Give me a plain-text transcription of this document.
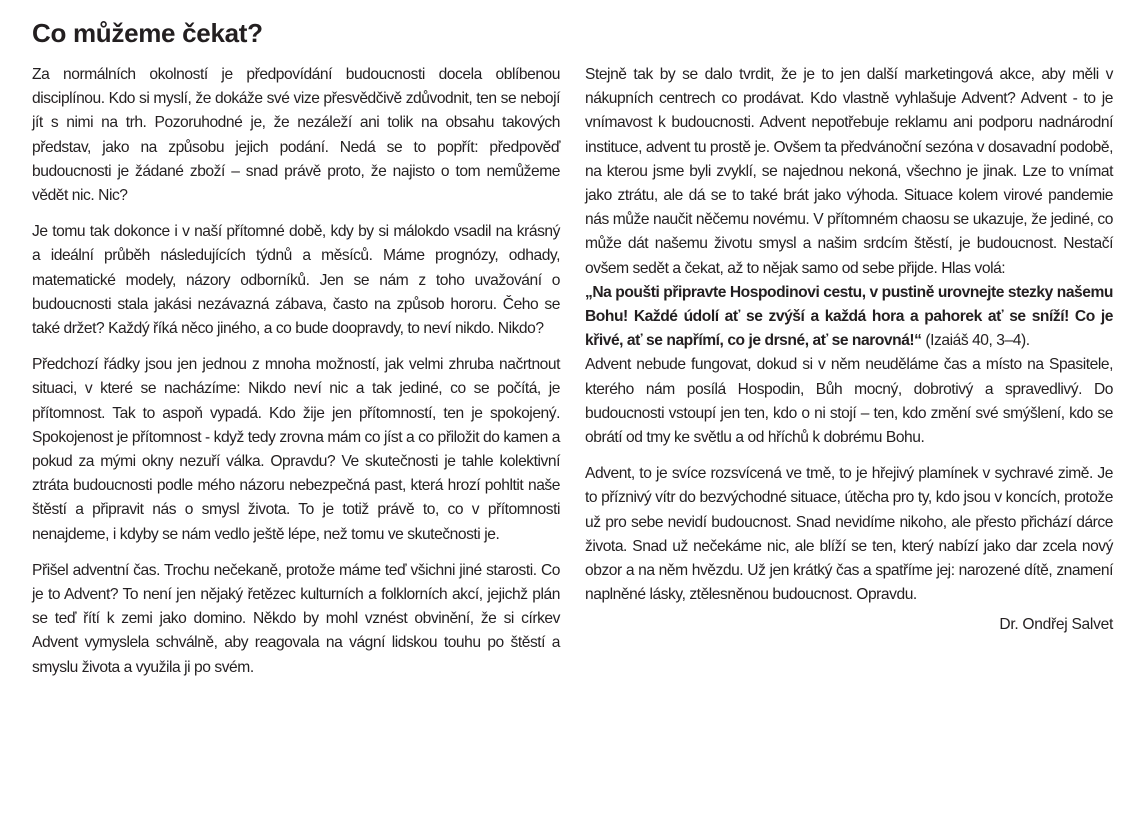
Co můžeme čekat?

Za normálních okolností je předpovídání budoucnosti docela oblíbenou disciplínou. Kdo si myslí, že dokáže své vize přesvědčivě zdůvodnit, ten se nebojí jít s nimi na trh. Pozoruhodné je, že nezáleží ani tolik na obsahu takových představ, jako na způsobu jejich podání. Nedá se to popřít: předpověď budoucnosti je žádané zboží – snad právě proto, že najisto o tom nemůžeme vědět nic. Nic?

Je tomu tak dokonce i v naší přítomné době, kdy by si málokdo vsadil na krásný a ideální průběh následujících týdnů a měsíců. Máme prognózy, odhady, matematické modely, názory odborníků. Jen se nám z toho uvažování o budoucnosti stala jakási nezávazná zábava, často na způsob hororu. Čeho se také držet? Každý říká něco jiného, a co bude doopravdy, to neví nikdo. Nikdo?

Předchozí řádky jsou jen jednou z mnoha možností, jak velmi zhruba načrtnout situaci, v které se nacházíme: Nikdo neví nic a tak jediné, co se počítá, je přítomnost. Tak to aspoň vypadá. Kdo žije jen přítomností, ten je spokojený. Spokojenost je přítomnost - když tedy zrovna mám co jíst a co přiložit do kamen a pokud za mými okny nezuří válka. Opravdu? Ve skutečnosti je tahle kolektivní ztráta budoucnosti podle mého názoru nebezpečná past, která hrozí pohltit naše štěstí a připravit nás o smysl života. To je totiž právě to, co v přítomnosti nenajdeme, i kdyby se nám vedlo ještě lépe, než tomu ve skutečnosti je.

Přišel adventní čas. Trochu nečekaně, protože máme teď všichni jiné starosti. Co je to Advent? To není jen nějaký řetězec kulturních a folklorních akcí, jejichž plán se teď řítí k zemi jako domino. Někdo by mohl vznést obvinění, že si církev Advent vymyslela schválně, aby reagovala na vágní lidskou touhu po štěstí a smyslu života a využila ji po svém.

Stejně tak by se dalo tvrdit, že je to jen další marketingová akce, aby měli v nákupních centrech co prodávat. Kdo vlastně vyhlašuje Advent? Advent - to je vnímavost k budoucnosti. Advent nepotřebuje reklamu ani podporu nadnárodní instituce, advent tu prostě je. Ovšem ta předvánoční sezóna v dosavadní podobě, na kterou jsme byli zvyklí, se najednou nekoná, všechno je jinak. Lze to vnímat jako ztrátu, ale dá se to také brát jako výhoda. Situace kolem virové pandemie nás může naučit něčemu novému. V přítomném chaosu se ukazuje, že jediné, co může dát našemu životu smysl a našim srdcím štěstí, je budoucnost. Nestačí ovšem sedět a čekat, až to nějak samo od sebe přijde. Hlas volá:

„Na poušti připravte Hospodinovi cestu, v pustině urovnejte stezky našemu Bohu! Každé údolí ať se zvýší a každá hora a pahorek ať se sníží! Co je křivé, ať se napřímí, co je drsné, ať se narovná!“ (Izaiáš 40, 3–4).

Advent nebude fungovat, dokud si v něm neuděláme čas a místo na Spasitele, kterého nám posílá Hospodin, Bůh mocný, dobrotivý a spravedlivý. Do budoucnosti vstoupí jen ten, kdo o ni stojí – ten, kdo změní své smýšlení, kdo se obrátí od tmy ke světlu a od hříchů k dobrému Bohu.

Advent, to je svíce rozsvícená ve tmě, to je hřejivý plamínek v sychravé zimě. Je to příznivý vítr do bezvýchodné situace, útěcha pro ty, kdo jsou v koncích, protože už pro sebe nevidí budoucnost. Snad nevidíme nikoho, ale přesto přichází dárce života. Snad už nečekáme nic, ale blíží se ten, který nabízí jako dar zcela nový obzor a na něm hvězdu. Už jen krátký čas a spatříme jej: narozené dítě, znamení naplněné lásky, ztělesněnou budoucnost. Opravdu.

Dr. Ondřej Salvet
